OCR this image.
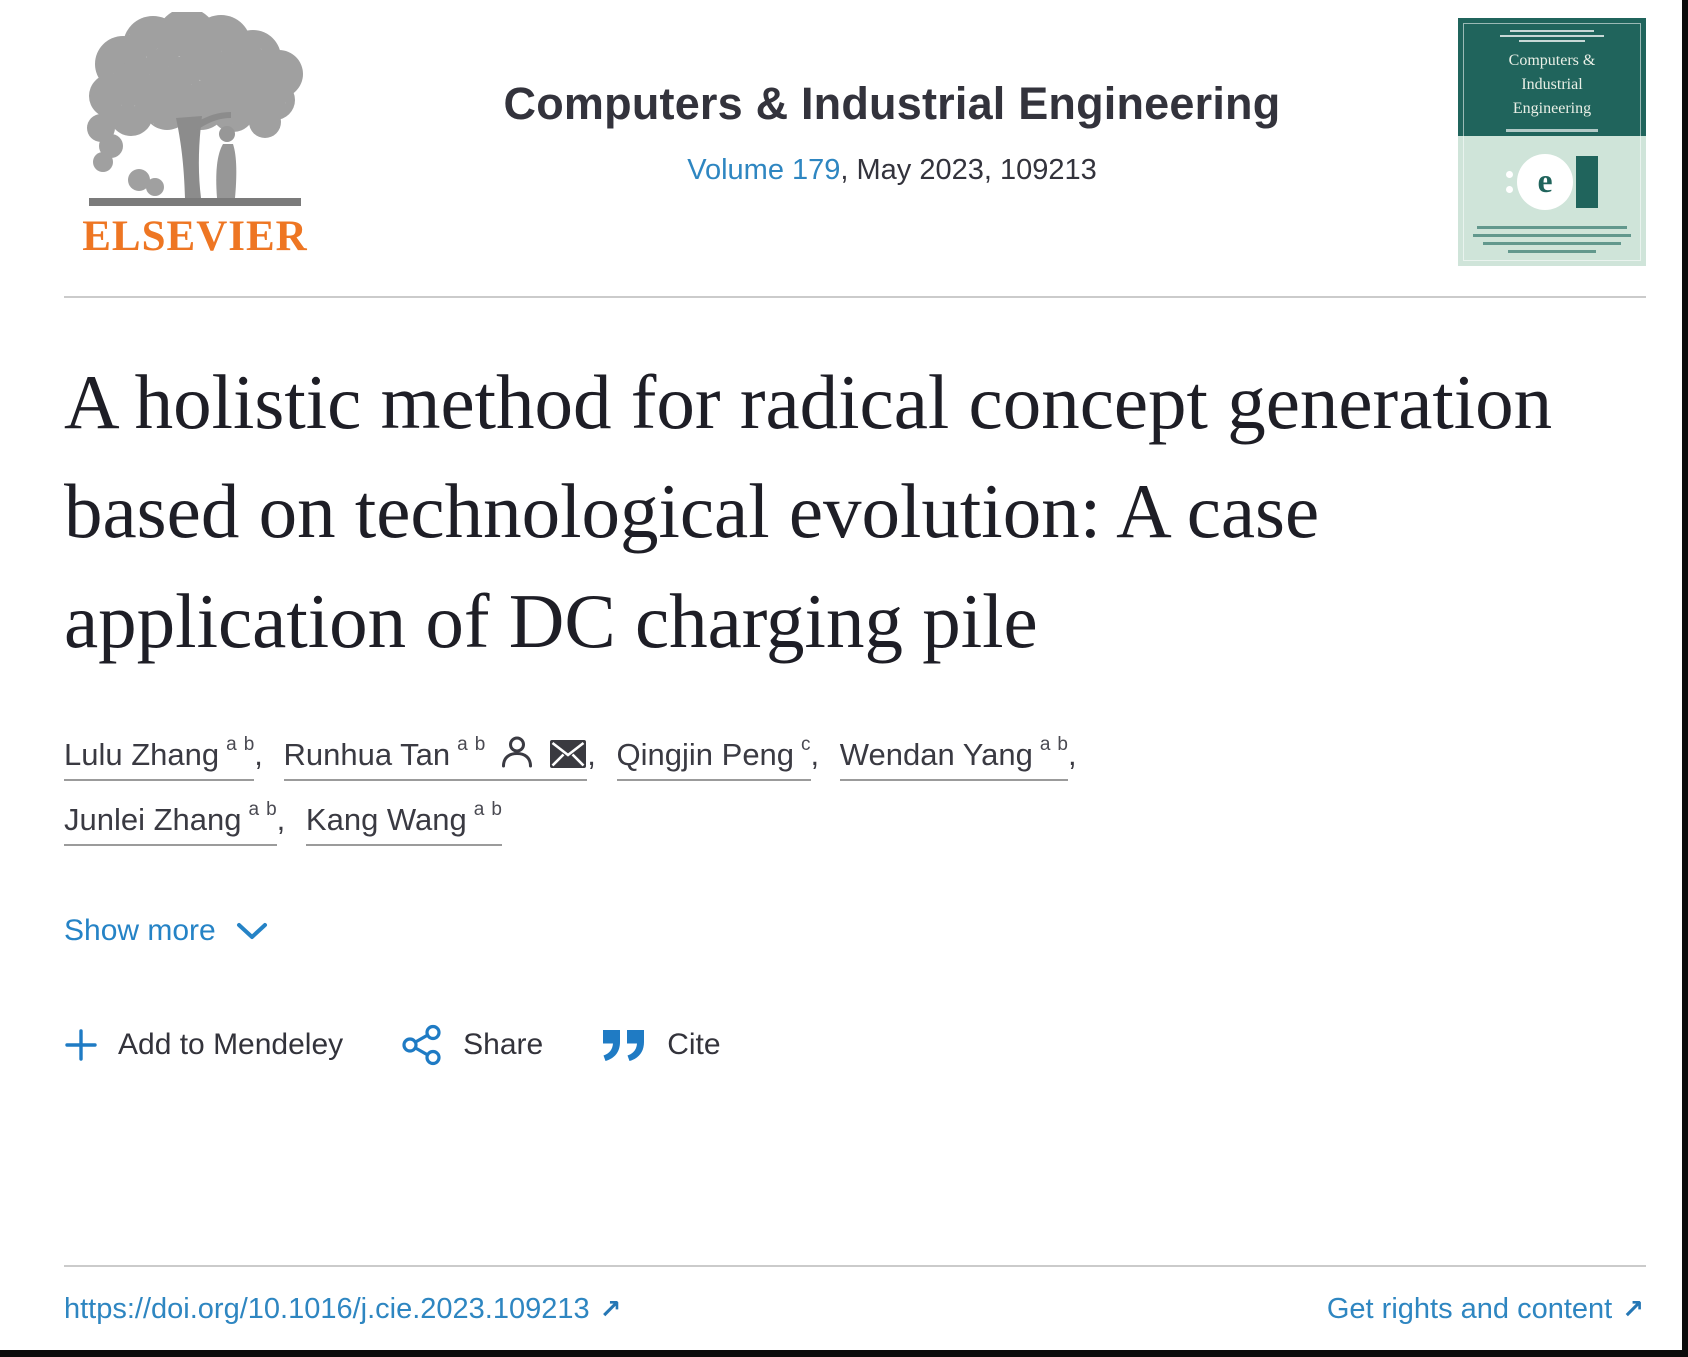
ELSEVIER
Computers & Industrial Engineering
Volume 179, May 2023, 109213
Computers &
Industrial
Engineering
e
A holistic method for radical concept generation based on technological evolution: A case application of DC charging pile
Lulu Zhang $^a$ $^b$, Runhua Tan $^a$ $^b$	, Qingjin Peng $^c$, Wendan Yang $^a$ $^b$,
Junlei Zhang $^a$ $^b$, Kang Wang $^a$ $^b$
Show more
Add to Mendeley	Share	Cite
https://doi.org/10.1016/j.cie.2023.109213 ↗	Get rights and content ↗
